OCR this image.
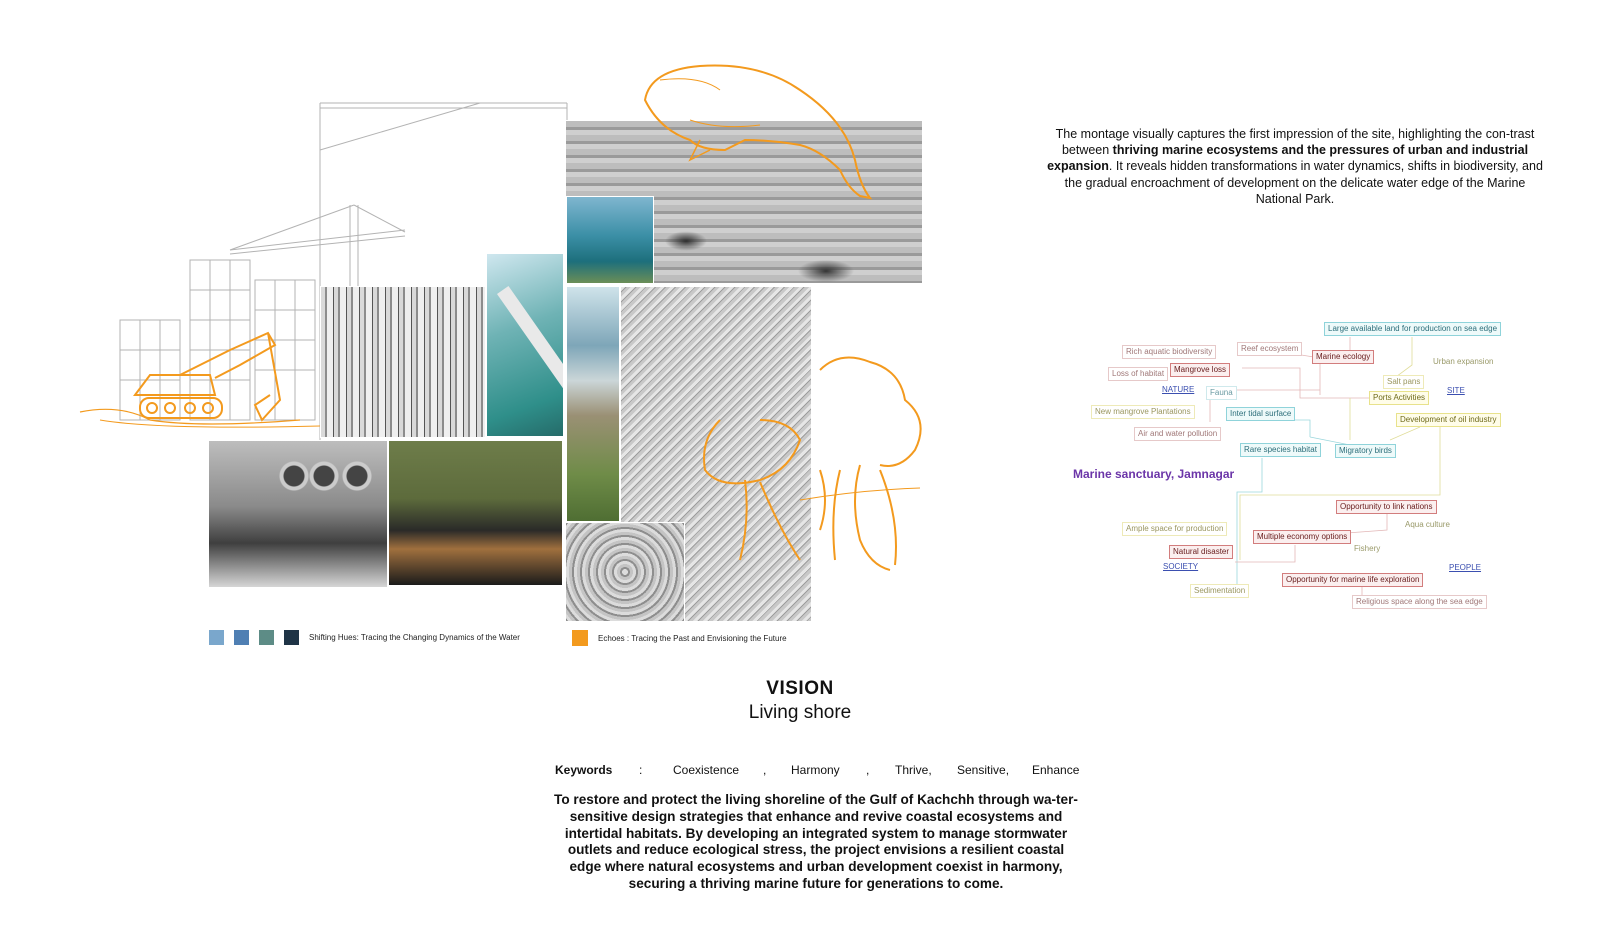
Shifting Hues: Tracing the Changing Dynamics of the Water	Echoes : Tracing the Past and Envisioning the Future
The montage visually captures the first impression of the site, highlighting the con-trast between thriving marine ecosystems and the pressures of urban and industrial expansion. It reveals hidden transformations in water dynamics, shifts in biodiversity, and the gradual encroachment of development on the delicate water edge of the Marine National Park.
Rich aquatic biodiversity	Reef ecosystem
Large available land for production on sea edge
Loss of habitat	Mangrove loss
Marine ecology
Urban expansion
Salt pans
NATURE	Fauna
Ports Activities
SITE
New mangrove Plantations	Inter tidal surface
Development of oil industry
Air and water pollution
Rare species habitat	Migratory birds
Opportunity to link nations
Ample space for production	Aqua culture
Multiple economy options
Natural disaster	Fishery
SOCIETY
Opportunity for marine life exploration
PEOPLE
Sedimentation
Religious space along the sea edge
Marine sanctuary, Jamnagar
VISION
Living shore
Keywords :	Coexistence , Harmony , Thrive, Sensitive, Enhance
To restore and protect the living shoreline of the Gulf of Kachchh through wa-ter-sensitive design strategies that enhance and revive coastal ecosystems and intertidal habitats. By developing an integrated system to manage stormwater outlets and reduce ecological stress, the project envisions a resilient coastal edge where natural ecosystems and urban development coexist in harmony, securing a thriving marine future for generations to come.
